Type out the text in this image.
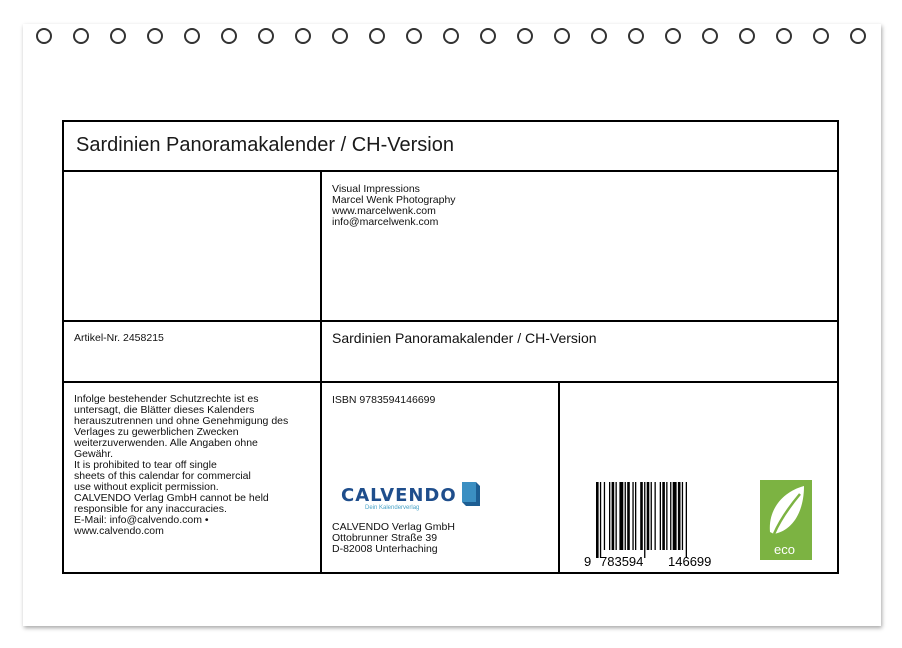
Sardinien Panoramakalender / CH-Version
Visual Impressions
Marcel Wenk Photography
www.marcelwenk.com
info@marcelwenk.com
Artikel-Nr. 2458215	Sardinien Panoramakalender / CH-Version
Infolge bestehender Schutzrechte ist es
untersagt, die Blätter dieses Kalenders
herauszutrennen und ohne Genehmigung des
Verlages zu gewerblichen Zwecken
weiterzuverwenden. Alle Angaben ohne
Gewähr.
It is prohibited to tear off single
sheets of this calendar for commercial
use without explicit permission.
CALVENDO Verlag GmbH cannot be held
responsible for any inaccuracies.
E-Mail: info@calvendo.com •
www.calvendo.com
ISBN 9783594146699
CALVENDO
Dein Kalenderverlag
CALVENDO Verlag GmbH
Ottobrunner Straße 39
D-82008 Unterhaching
9 783594 146699
eco
